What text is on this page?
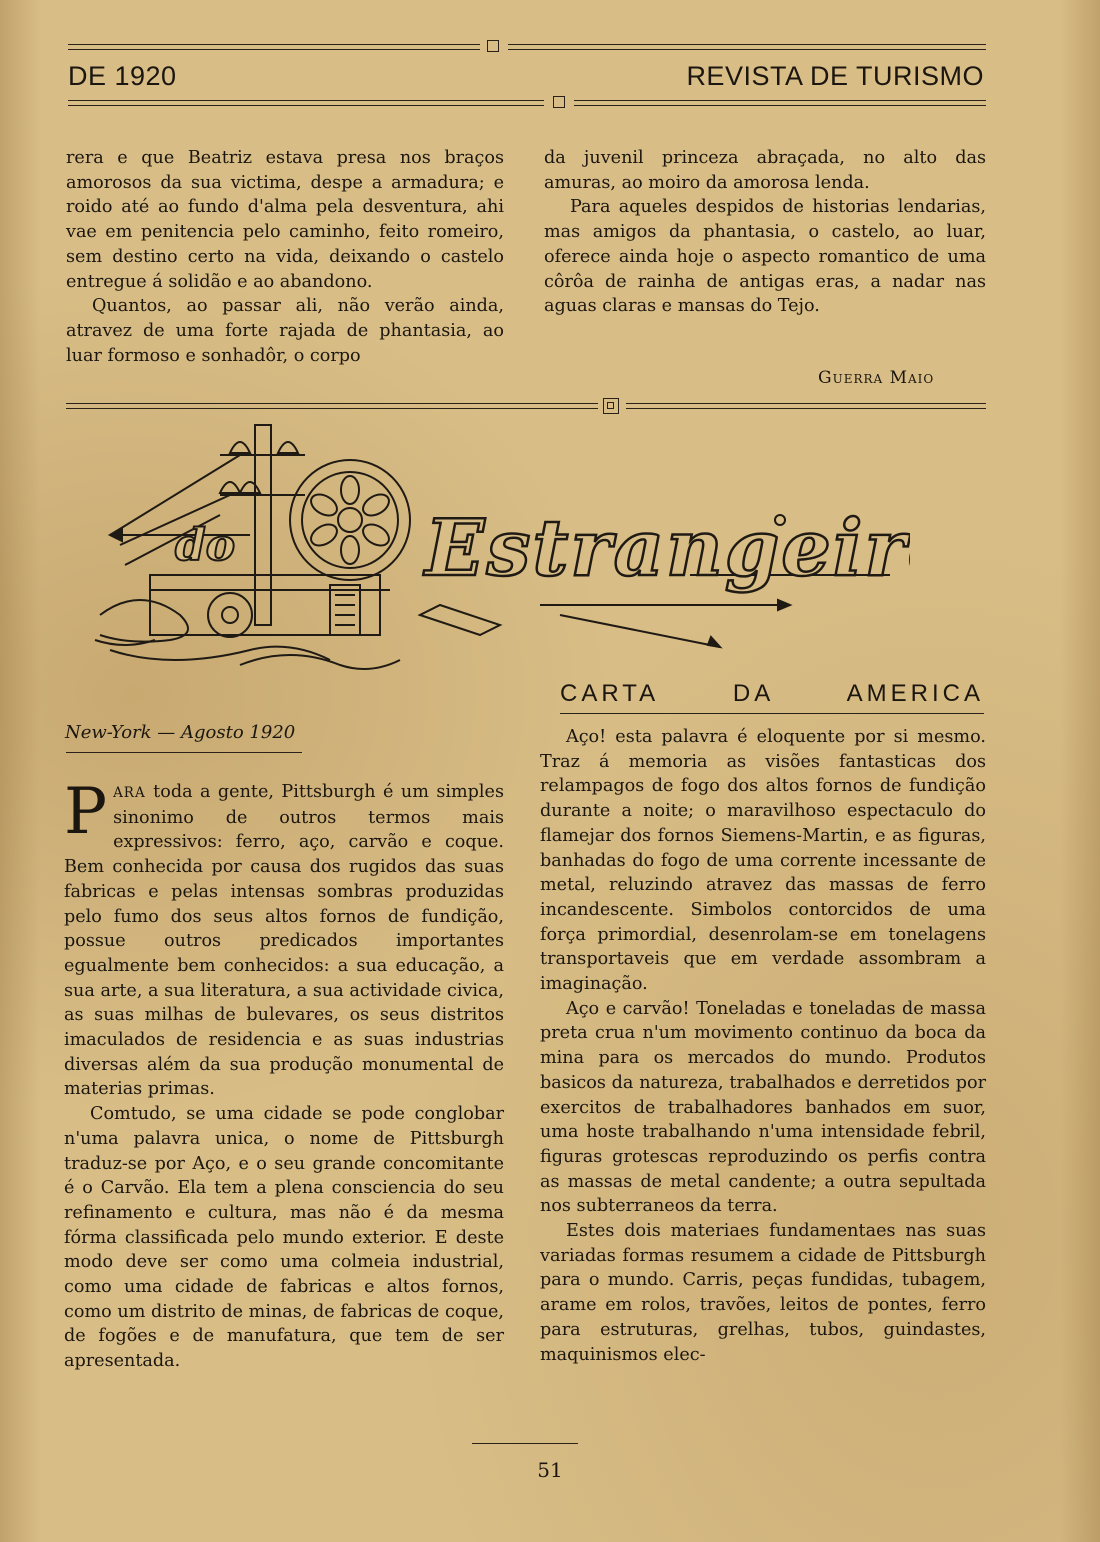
DE 1920	REVISTA DE TURISMO

rera e que Beatriz estava presa nos braços amorosos da sua victima, despe a armadura; e roido até ao fundo d'alma pela desventura, ahi vae em penitencia pelo caminho, feito romeiro, sem destino certo na vida, deixando o castelo entregue á solidão e ao abandono.

Quantos, ao passar ali, não verão ainda, atravez de uma forte rajada de phantasia, ao luar formoso e sonhadôr, o corpo

da juvenil princeza abraçada, no alto das amuras, ao moiro da amorosa lenda.

Para aqueles despidos de historias lendarias, mas amigos da phantasia, o castelo, ao luar, oferece ainda hoje o aspecto romantico de uma côrôa de rainha de antigas eras, a nadar nas aguas claras e mansas do Tejo.

Guerra Maio
do Estrangeiro
CARTA DA AMERICA
New-York — Agosto 1920

PARA toda a gente, Pittsburgh é um simples sinonimo de outros termos mais expressivos: ferro, aço, carvão e coque. Bem conhecida por causa dos rugidos das suas fabricas e pelas intensas sombras produzidas pelo fumo dos seus altos fornos de fundição, possue outros predicados importantes egualmente bem conhecidos: a sua educação, a sua arte, a sua literatura, a sua actividade civica, as suas milhas de bulevares, os seus distritos imaculados de residencia e as suas industrias diversas além da sua produção monumental de materias primas.

Comtudo, se uma cidade se pode conglobar n'uma palavra unica, o nome de Pittsburgh traduz-se por Aço, e o seu grande concomitante é o Carvão. Ela tem a plena consciencia do seu refinamento e cultura, mas não é da mesma fórma classificada pelo mundo exterior. E deste modo deve ser como uma colmeia industrial, como uma cidade de fabricas e altos fornos, como um distrito de minas, de fabricas de coque, de fogões e de manufatura, que tem de ser apresentada.

Aço! esta palavra é eloquente por si mesmo. Traz á memoria as visões fantasticas dos relampagos de fogo dos altos fornos de fundição durante a noite; o maravilhoso espectaculo do flamejar dos fornos Siemens-Martin, e as figuras, banhadas do fogo de uma corrente incessante de metal, reluzindo atravez das massas de ferro incandescente. Simbolos contorcidos de uma força primordial, desenrolam-se em tonelagens transportaveis que em verdade assombram a imaginação.

Aço e carvão! Toneladas e toneladas de massa preta crua n'um movimento continuo da boca da mina para os mercados do mundo. Produtos basicos da natureza, trabalhados e derretidos por exercitos de trabalhadores banhados em suor, uma hoste trabalhando n'uma intensidade febril, figuras grotescas reproduzindo os perfis contra as massas de metal candente; a outra sepultada nos subterraneos da terra.

Estes dois materiaes fundamentaes nas suas variadas formas resumem a cidade de Pittsburgh para o mundo. Carris, peças fundidas, tubagem, arame em rolos, travões, leitos de pontes, ferro para estruturas, grelhas, tubos, guindastes, maquinismos elec-

51
